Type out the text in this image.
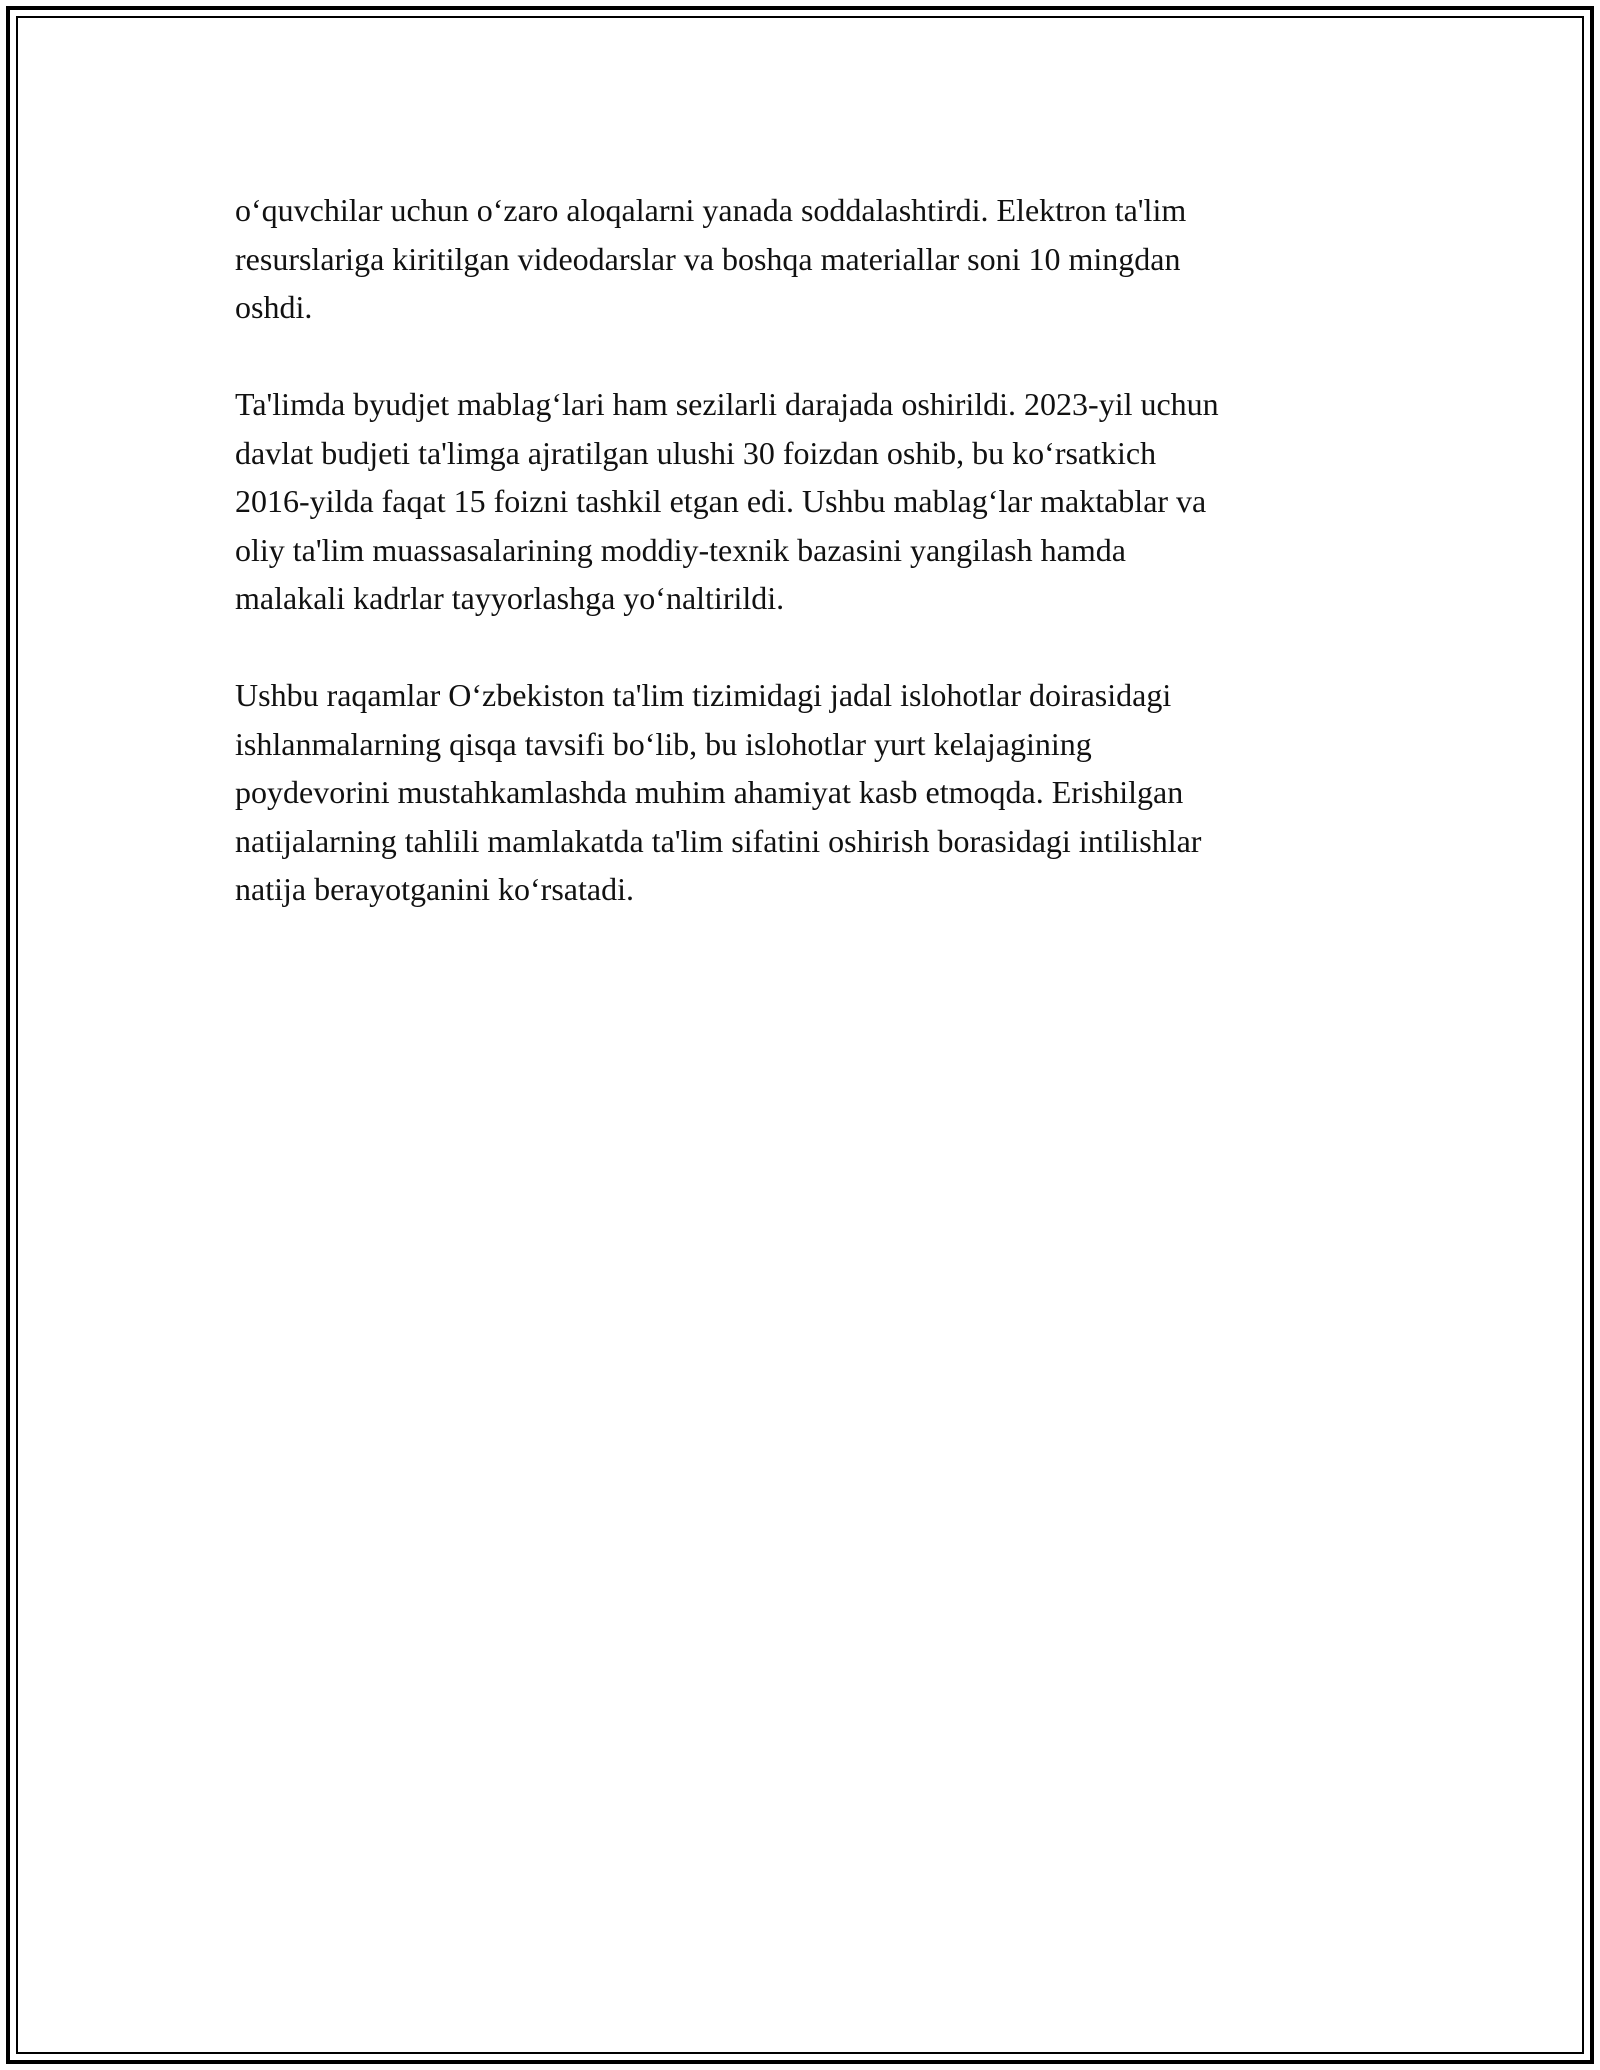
o‘quvchilar uchun o‘zaro aloqalarni yanada soddalashtirdi. Elektron ta'lim
resurslariga kiritilgan videodarslar va boshqa materiallar soni 10 mingdan
oshdi.

Ta'limda byudjet mablag‘lari ham sezilarli darajada oshirildi. 2023-yil uchun
davlat budjeti ta'limga ajratilgan ulushi 30 foizdan oshib, bu ko‘rsatkich
2016-yilda faqat 15 foizni tashkil etgan edi. Ushbu mablag‘lar maktablar va
oliy ta'lim muassasalarining moddiy-texnik bazasini yangilash hamda
malakali kadrlar tayyorlashga yo‘naltirildi.

Ushbu raqamlar O‘zbekiston ta'lim tizimidagi jadal islohotlar doirasidagi
ishlanmalarning qisqa tavsifi bo‘lib, bu islohotlar yurt kelajagining
poydevorini mustahkamlashda muhim ahamiyat kasb etmoqda. Erishilgan
natijalarning tahlili mamlakatda ta'lim sifatini oshirish borasidagi intilishlar
natija berayotganini ko‘rsatadi.
